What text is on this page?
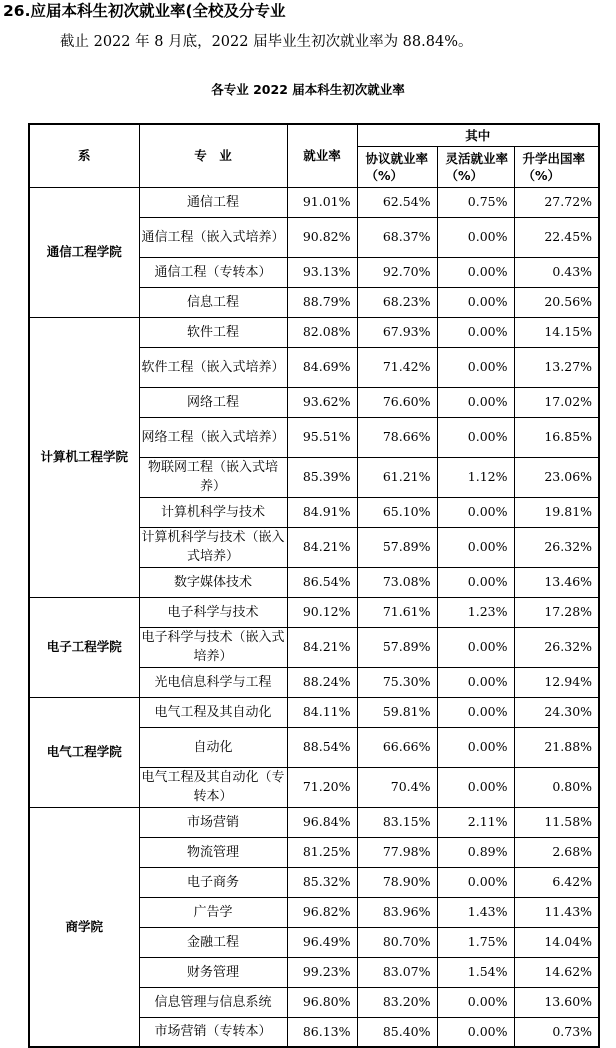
26.应届本科生初次就业率(全校及分专业
截止 2022 年 8 月底，2022 届毕业生初次就业率为 88.84%。
各专业 2022 届本科生初次就业率
系	专　业	就业率	其中		
			协议就业率（%）	灵活就业率（%）	升学出国率（%）
通信工程学院	通信工程	91.01%	62.54%	0.75%	27.72%
	通信工程（嵌入式培养）	90.82%	68.37%	0.00%	22.45%
	通信工程（专转本）	93.13%	92.70%	0.00%	0.43%
	信息工程	88.79%	68.23%	0.00%	20.56%
计算机工程学院	软件工程	82.08%	67.93%	0.00%	14.15%
	软件工程（嵌入式培养）	84.69%	71.42%	0.00%	13.27%
	网络工程	93.62%	76.60%	0.00%	17.02%
	网络工程（嵌入式培养）	95.51%	78.66%	0.00%	16.85%
	物联网工程（嵌入式培养）	85.39%	61.21%	1.12%	23.06%
	计算机科学与技术	84.91%	65.10%	0.00%	19.81%
	计算机科学与技术（嵌入式培养）	84.21%	57.89%	0.00%	26.32%
	数字媒体技术	86.54%	73.08%	0.00%	13.46%
电子工程学院	电子科学与技术	90.12%	71.61%	1.23%	17.28%
	电子科学与技术（嵌入式培养）	84.21%	57.89%	0.00%	26.32%
	光电信息科学与工程	88.24%	75.30%	0.00%	12.94%
电气工程学院	电气工程及其自动化	84.11%	59.81%	0.00%	24.30%
	自动化	88.54%	66.66%	0.00%	21.88%
	电气工程及其自动化（专转本）	71.20%	70.4%	0.00%	0.80%
商学院	市场营销	96.84%	83.15%	2.11%	11.58%
	物流管理	81.25%	77.98%	0.89%	2.68%
	电子商务	85.32%	78.90%	0.00%	6.42%
	广告学	96.82%	83.96%	1.43%	11.43%
	金融工程	96.49%	80.70%	1.75%	14.04%
	财务管理	99.23%	83.07%	1.54%	14.62%
	信息管理与信息系统	96.80%	83.20%	0.00%	13.60%
	市场营销（专转本）	86.13%	85.40%	0.00%	0.73%
